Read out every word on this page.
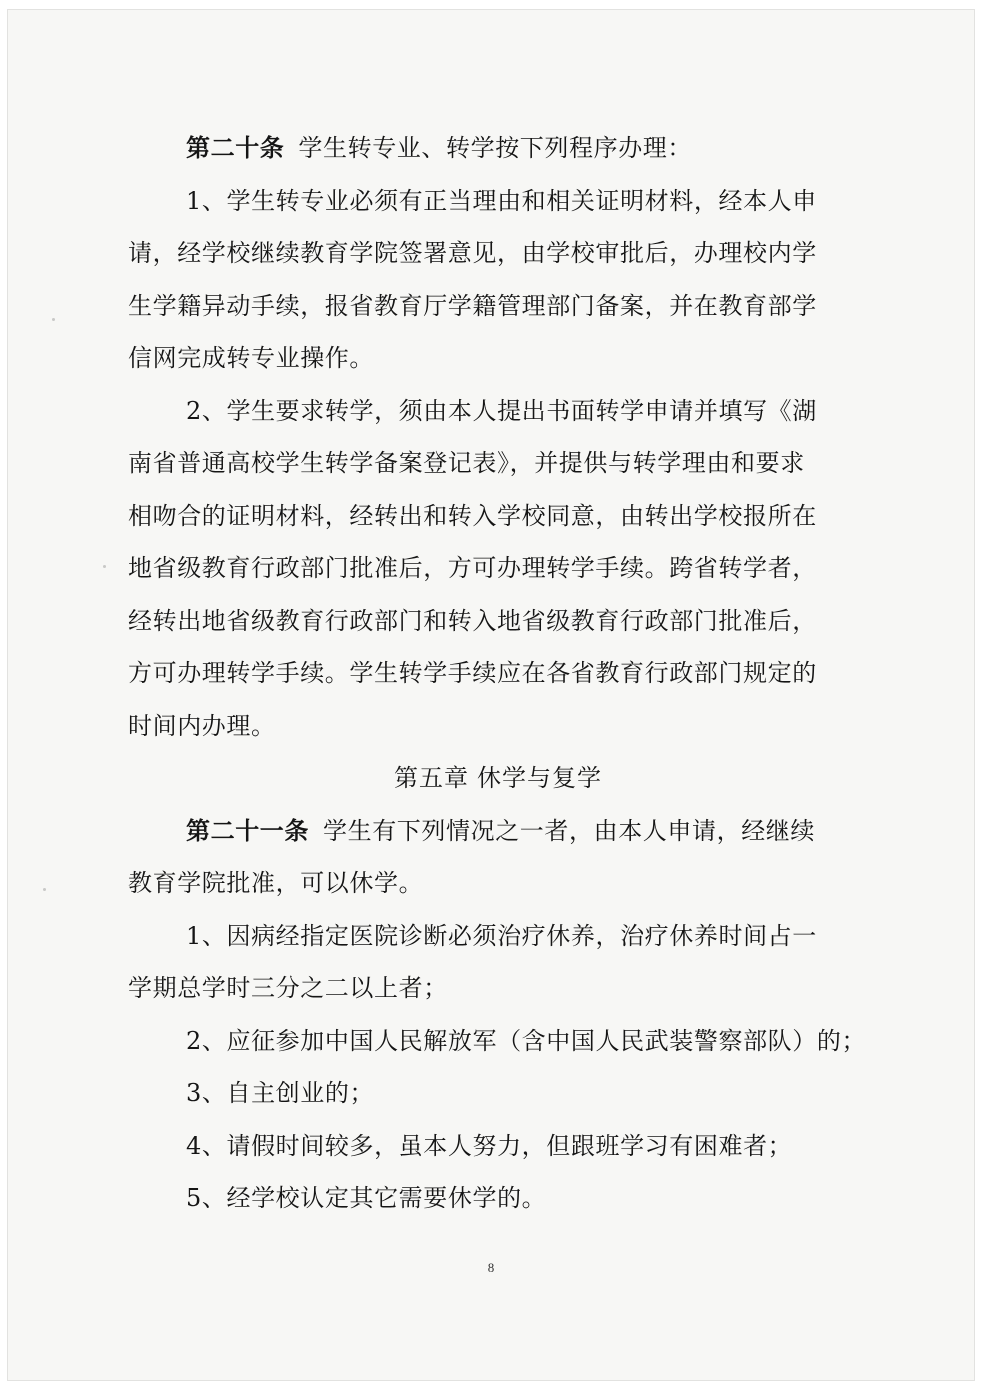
第二十条 学生转专业、转学按下列程序办理：
1、学生转专业必须有正当理由和相关证明材料，经本人申
请，经学校继续教育学院签署意见，由学校审批后，办理校内学
生学籍异动手续，报省教育厅学籍管理部门备案，并在教育部学
信网完成转专业操作。
2、学生要求转学，须由本人提出书面转学申请并填写《湖
南省普通高校学生转学备案登记表》，并提供与转学理由和要求
相吻合的证明材料，经转出和转入学校同意，由转出学校报所在
地省级教育行政部门批准后，方可办理转学手续。跨省转学者，
经转出地省级教育行政部门和转入地省级教育行政部门批准后，
方可办理转学手续。学生转学手续应在各省教育行政部门规定的
时间内办理。
第五章 休学与复学
第二十一条 学生有下列情况之一者，由本人申请，经继续
教育学院批准，可以休学。
1、因病经指定医院诊断必须治疗休养，治疗休养时间占一
学期总学时三分之二以上者；
2、应征参加中国人民解放军（含中国人民武装警察部队）的；
3、自主创业的；
4、请假时间较多，虽本人努力，但跟班学习有困难者；
5、经学校认定其它需要休学的。
8
